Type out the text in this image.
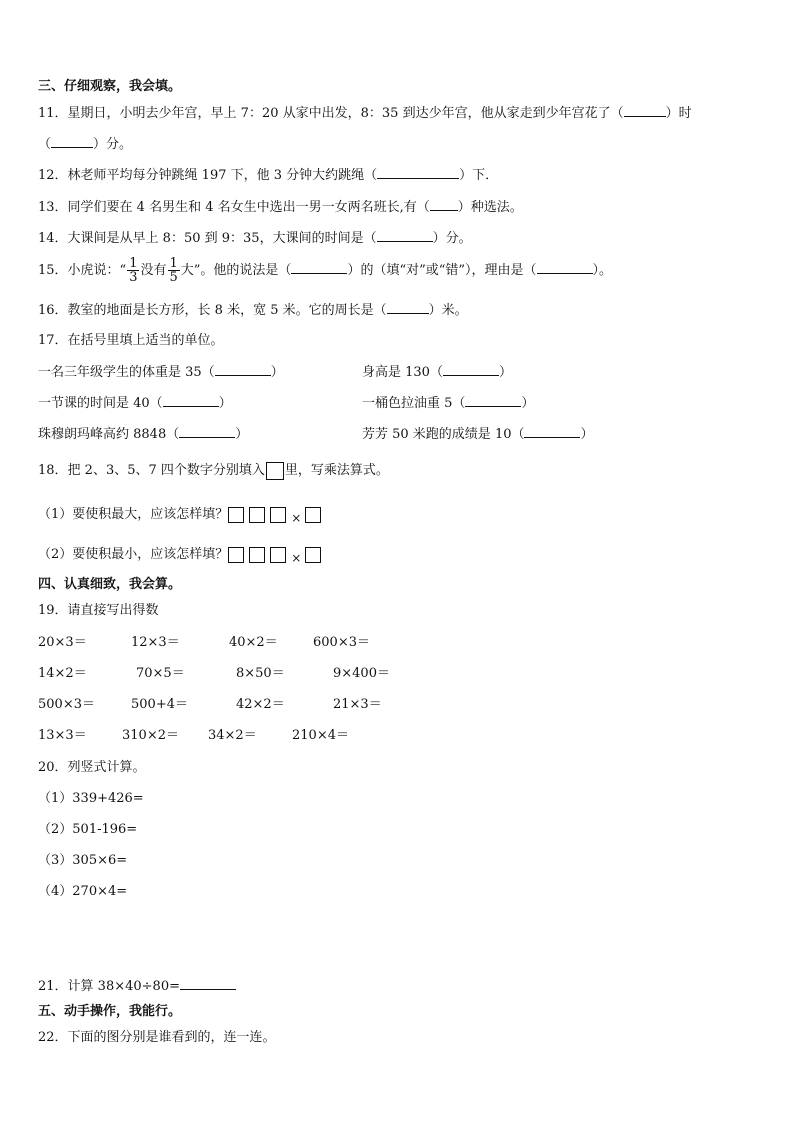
三、仔细观察，我会填。
11．星期日，小明去少年宫，早上 7：20 从家中出发，8：35 到达少年宫，他从家走到少年宫花了（	）时
（	）分。
12．林老师平均每分钟跳绳 197 下，他 3 分钟大约跳绳（	）下．
13．同学们要在 4 名男生和 4 名女生中选出一男一女两名班长,有（ ）种选法。
14．大课间是从早上 8：50 到 9：35，大课间的时间是（	）分。
15．小虎说：“ $\frac{1}{3}$ 没有 $\frac{1}{5}$ 大”。他的说法是（	）的（填“对”或“错”），理由是（	）。
16．教室的地面是长方形，长 8 米，宽 5 米。它的周长是（	）米。
17．在括号里填上适当的单位。
一名三年级学生的体重是 35（	）	身高是 130（	）
一节课的时间是 40（	）	一桶色拉油重 5（	）
珠穆朗玛峰高约 8848（	）	芳芳 50 米跑的成绩是 10（	）
18．把 2、3、5、7 四个数字分别填入 里，写乘法算式。
（1）要使积最大，应该怎样填？	×
（2）要使积最小，应该怎样填？	×
四、认真细致，我会算。
19．请直接写出得数
20×3＝	12×3＝	40×2＝	600×3＝
14×2＝	70×5＝	8×50＝	9×400＝
500×3＝	500+4＝	42×2＝	21×3＝
13×3＝	310×2＝ 34×2＝	210×4＝
20．列竖式计算。
（1）339+426=
（2）501-196=
（3）305×6=
（4）270×4=
21．计算 38×40÷80=
五、动手操作，我能行。
22．下面的图分别是谁看到的，连一连。
